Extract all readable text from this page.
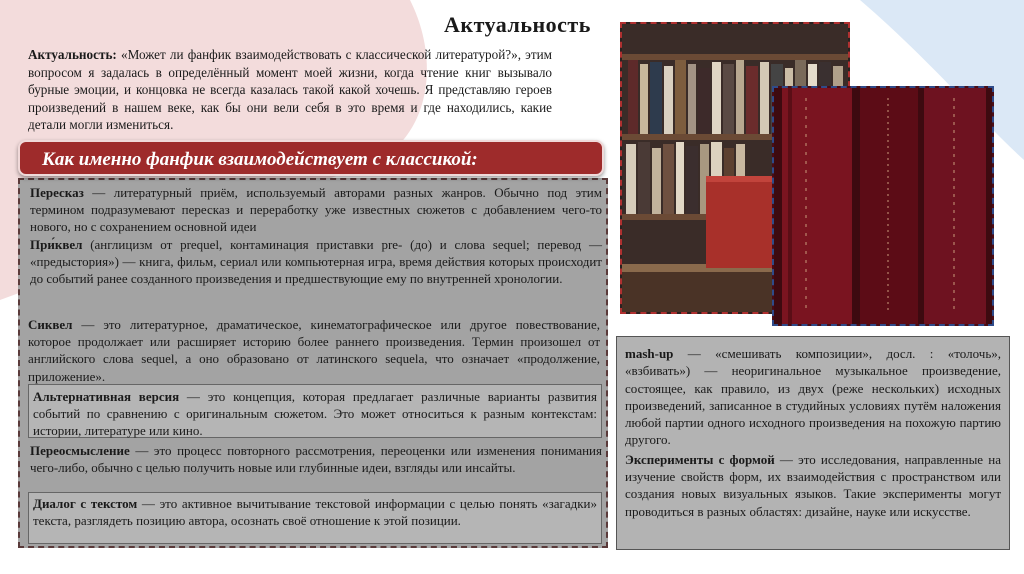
Актуальность
Актуальность: «Может ли фанфик взаимодействовать с классической литературой?», этим вопросом я задалась в определённый момент моей жизни, когда чтение книг вызывало бурные эмоции, и концовка не всегда казалась такой какой хочешь. Я представляю героев произведений в нашем веке, как бы они вели себя в это время и где находились, какие детали могли измениться.
Пересказ — литературный приём, используемый авторами разных жанров. Обычно под этим термином подразумевают пересказ и переработку уже известных сюжетов с добавлением чего-то нового, но с сохранением основной идеи
При́квел (англицизм от prequel, контаминация приставки pre- (до) и слова sequel; перевод — «предыстория») — книга, фильм, сериал или компьютерная игра, время действия которых происходит до событий ранее созданного произведения и предшествующие ему по внутренней хронологии.
Сиквел — это литературное, драматическое, кинематографическое или другое повествование, которое продолжает или расширяет историю более раннего произведения. Термин произошел от английского слова sequel, а оно образовано от латинского sequela, что означает «продолжение, приложение».
Альтернативная версия — это концепция, которая предлагает различные варианты развития событий по сравнению с оригинальным сюжетом. Это может относиться к разным контекстам: истории, литературе или кино.
Переосмысление — это процесс повторного рассмотрения, переоценки или изменения понимания чего-либо, обычно с целью получить новые или глубинные идеи, взгляды или инсайты.
Диалог с текстом — это активное вычитывание текстовой информации с целью понять «загадки» текста, разглядеть позицию автора, осознать своё отношение к этой позиции.
Как именно фанфик взаимодействует с классикой:
mash-up — «смешивать композиции», досл. : «толочь», «взбивать») — неоригинальное музыкальное произведение, состоящее, как правило, из двух (реже нескольких) исходных произведений, записанное в студийных условиях путём наложения любой партии одного исходного произведения на похожую партию другого.
Эксперименты с формой — это исследования, направленные на изучение свойств форм, их взаимодействия с пространством или создания новых визуальных языков. Такие эксперименты могут проводиться в разных областях: дизайне, науке или искусстве.
